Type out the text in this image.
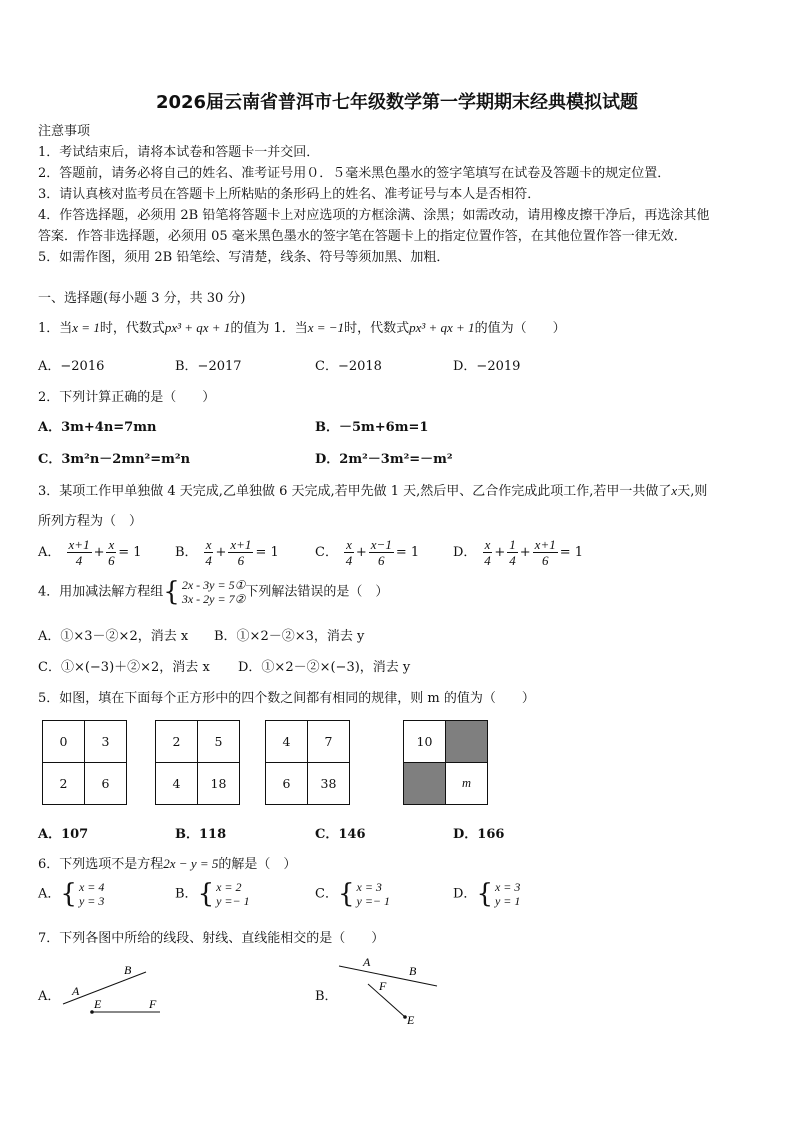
2026届云南省普洱市七年级数学第一学期期末经典模拟试题
注意事项
1．考试结束后，请将本试卷和答题卡一并交回．
2．答题前，请务必将自己的姓名、准考证号用０．５毫米黑色墨水的签字笔填写在试卷及答题卡的规定位置．
3．请认真核对监考员在答题卡上所粘贴的条形码上的姓名、准考证号与本人是否相符．
4．作答选择题，必须用 2B 铅笔将答题卡上对应选项的方框涂满、涂黑；如需改动，请用橡皮擦干净后，再选涂其他
答案．作答非选择题，必须用 05 毫米黑色墨水的签字笔在答题卡上的指定位置作答，在其他位置作答一律无效．
5．如需作图，须用 2B 铅笔绘、写清楚，线条、符号等须加黑、加粗．
一、选择题(每小题 3 分，共 30 分)
1．当x = 1时，代数式px³ + qx + 1的值为 1．当x = −1时，代数式px³ + qx + 1的值为（　　）
A．−2016	B．−2017	C．−2018	D．−2019
2．下列计算正确的是（　　）
A．3m+4n=7mn	B．－5m+6m=1
C．3m²n－2mn²=m²n	D．2m²－3m²=－m²
3．某项工作甲单独做 4 天完成,乙单独做 6 天完成,若甲先做 1 天,然后甲、乙合作完成此项工作,若甲一共做了x天,则
所列方程为（　）
A． $\frac{x+1}{4} + \frac{x}{6} = 1$	B． $\frac{x}{4} + \frac{x+1}{6} = 1$	C． $\frac{x}{4} + \frac{x-1}{6} = 1$	D． $\frac{x}{4} + \frac{1}{4} + \frac{x+1}{6} = 1$
4．用加减法解方程组{ 2x - 3y = 5①
3x - 2y = 7② 下列解法错误的是（　）
A．①×3－②×2，消去 x B．①×2－②×3，消去 y
C．①×(−3)＋②×2，消去 x D．①×2－②×(−3)，消去 y
5．如图，填在下面每个正方形中的四个数之间都有相同的规律，则 m 的值为（　　）
0	3
2	6
2	5
4	18
4	7
6	38
10	
	m
A．107	B．118	C．146	D．166
6．下列选项不是方程2x − y = 5的解是（　）
A．{ x = 4
y = 3	B．{ x = 2
y =− 1	C．{ x = 3
y =− 1	D．{ x = 3
y = 1
7．下列各图中所给的线段、射线、直线能相交的是（　　）
A． A
B
E	F	B．
A
B
F
E
